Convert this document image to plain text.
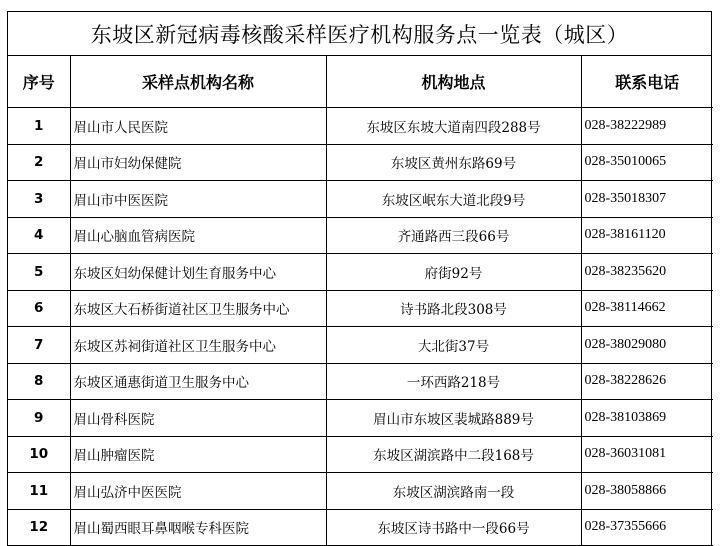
东坡区新冠病毒核酸采样医疗机构服务点一览表（城区）
序号	采样点机构名称	机构地点	联系电话
1	眉山市人民医院	东坡区东坡大道南四段288号	028-38222989
2	眉山市妇幼保健院	东坡区黄州东路69号	028-35010065
3	眉山市中医医院	东坡区岷东大道北段9号	028-35018307
4	眉山心脑血管病医院	齐通路西三段66号	028-38161120
5	东坡区妇幼保健计划生育服务中心	府街92号	028-38235620
6	东坡区大石桥街道社区卫生服务中心	诗书路北段308号	028-38114662
7	东坡区苏祠街道社区卫生服务中心	大北街37号	028-38029080
8	东坡区通惠街道卫生服务中心	一环西路218号	028-38228626
9	眉山骨科医院	眉山市东坡区裴城路889号	028-38103869
10	眉山肿瘤医院	东坡区湖滨路中二段168号	028-36031081
11	眉山弘济中医医院	东坡区湖滨路南一段	028-38058866
12	眉山蜀西眼耳鼻咽喉专科医院	东坡区诗书路中一段66号	028-37355666
